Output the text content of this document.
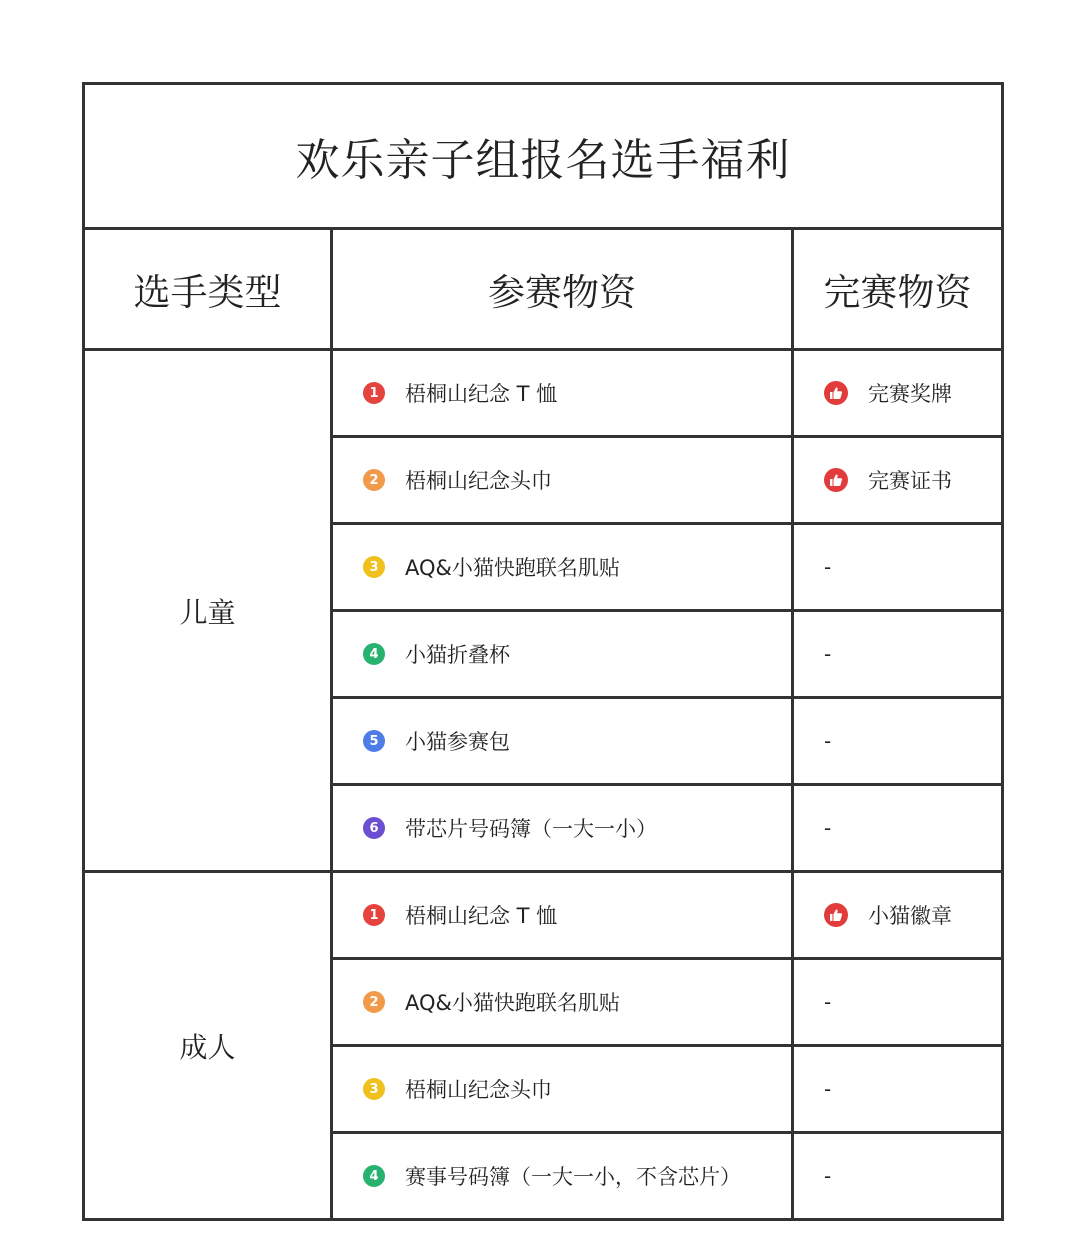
欢乐亲子组报名选手福利		
选手类型	参赛物资	完赛物资
儿童	1 梧桐山纪念 T 恤	完赛奖牌

2 梧桐山纪念头巾	完赛证书

3 AQ&小猫快跑联名肌贴	-

4 小猫折叠杯	-

5 小猫参赛包	-

6 带芯片号码簿（一大一小）	-

成人	1 梧桐山纪念 T 恤	小猫徽章

2 AQ&小猫快跑联名肌贴	-

3 梧桐山纪念头巾	-

4 赛事号码簿（一大一小，不含芯片）	-
